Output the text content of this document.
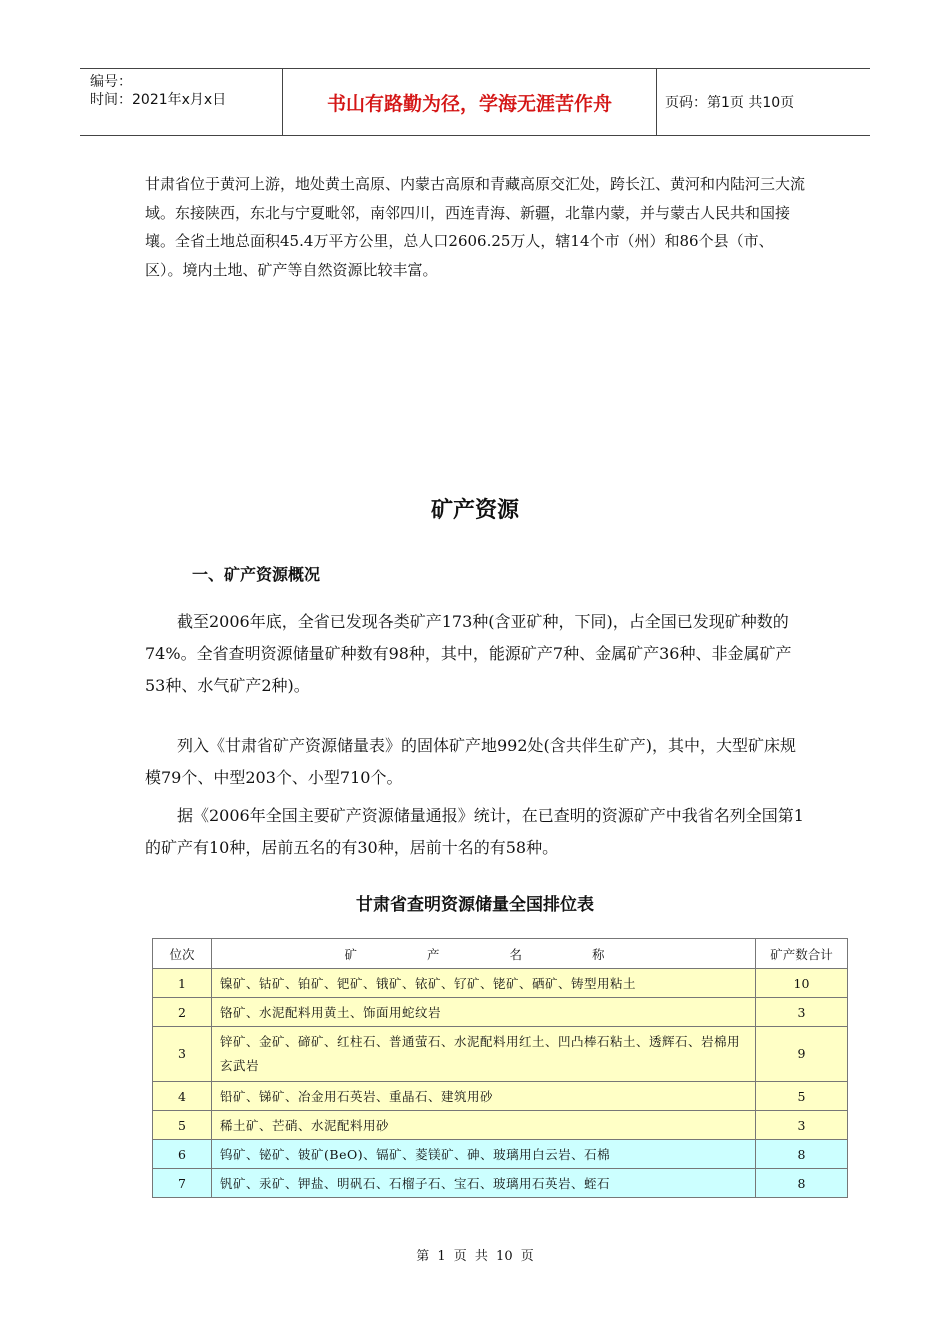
编号：
时间：2021年x月x日	书山有路勤为径，学海无涯苦作舟	页码：第1页 共10页

甘肃省位于黄河上游，地处黄土高原、内蒙古高原和青藏高原交汇处，跨长江、黄河和内陆河三大流域。东接陕西，东北与宁夏毗邻，南邻四川，西连青海、新疆，北靠内蒙，并与蒙古人民共和国接壤。全省土地总面积45.4万平方公里，总人口2606.25万人，辖14个市（州）和86个县（市、区）。境内土地、矿产等自然资源比较丰富。

矿产资源
一、矿产资源概况

截至2006年底，全省已发现各类矿产173种(含亚矿种，下同)，占全国已发现矿种数的74%。全省查明资源储量矿种数有98种，其中，能源矿产7种、金属矿产36种、非金属矿产53种、水气矿产2种)。

列入《甘肃省矿产资源储量表》的固体矿产地992处(含共伴生矿产)，其中，大型矿床规模79个、中型203个、小型710个。

据《2006年全国主要矿产资源储量通报》统计，在已查明的资源矿产中我省名列全国第1的矿产有10种，居前五名的有30种，居前十名的有58种。

甘肃省查明资源储量全国排位表
位次	矿 产 名 称	矿产数合计
1	镍矿、钴矿、铂矿、钯矿、锇矿、铱矿、钌矿、铑矿、硒矿、铸型用粘土	10
2	铬矿、水泥配料用黄土、饰面用蛇纹岩	3
3	锌矿、金矿、碲矿、红柱石、普通萤石、水泥配料用红土、凹凸棒石粘土、透辉石、岩棉用玄武岩	9
4	铅矿、锑矿、冶金用石英岩、重晶石、建筑用砂	5
5	稀土矿、芒硝、水泥配料用砂	3
6	钨矿、铋矿、铍矿(BeO)、镉矿、菱镁矿、砷、玻璃用白云岩、石棉	8
7	钒矿、汞矿、钾盐、明矾石、石榴子石、宝石、玻璃用石英岩、蛭石	8

第 1 页 共 10 页
